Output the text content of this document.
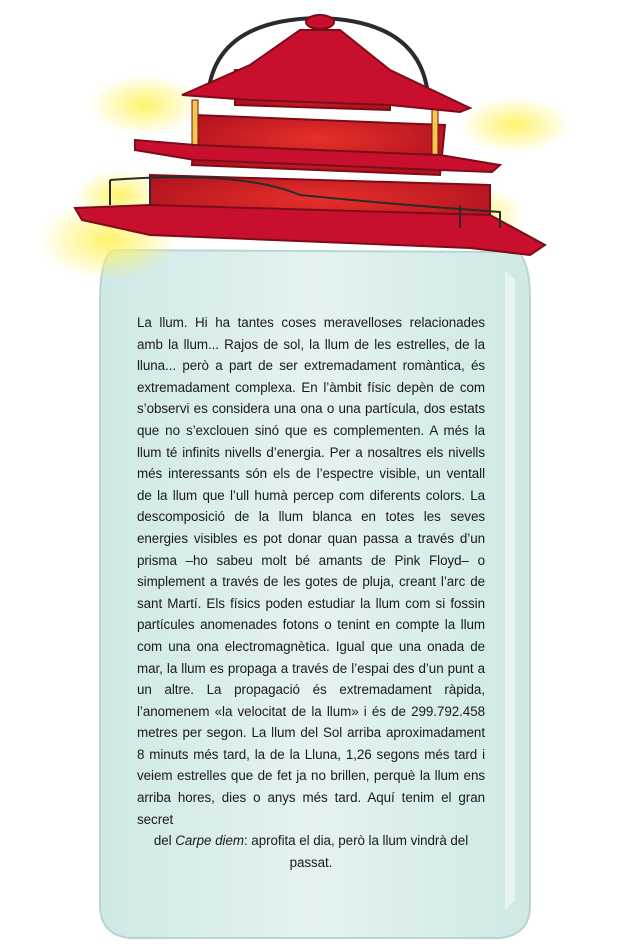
La llum. Hi ha tantes coses meravelloses relacionades amb la llum... Rajos de sol, la llum de les estrelles, de la lluna... però a part de ser extremadament romàntica, és extremadament complexa. En l’àmbit físic depèn de com s’observi es considera una ona o una partícula, dos estats que no s’exclouen sinó que es complementen. A més la llum té infinits nivells d’energia. Per a nosaltres els nivells més interessants són els de l’espectre visible, un ventall de la llum que l’ull humà percep com diferents colors. La descomposició de la llum blanca en totes les seves energies visibles es pot donar quan passa a través d’un prisma –ho sabeu molt bé amants de Pink Floyd– o simplement a través de les gotes de pluja, creant l’arc de sant Martí. Els físics poden estudiar la llum com si fossin partícules anomenades fotons o tenint en compte la llum com una ona electromagnètica. Igual que una onada de mar, la llum es propaga a través de l’espai des d’un punt a un altre. La propagació és extremadament ràpida, l’anomenem «la velocitat de la llum» i és de 299.792.458 metres per segon. La llum del Sol arriba aproximadament 8 minuts més tard, la de la Lluna, 1,26 segons més tard i veiem estrelles que de fet ja no brillen, perquè la llum ens arriba hores, dies o anys més tard. Aquí tenim el gran secret
del Carpe diem: aprofita el dia, però la llum vindrà del passat.
